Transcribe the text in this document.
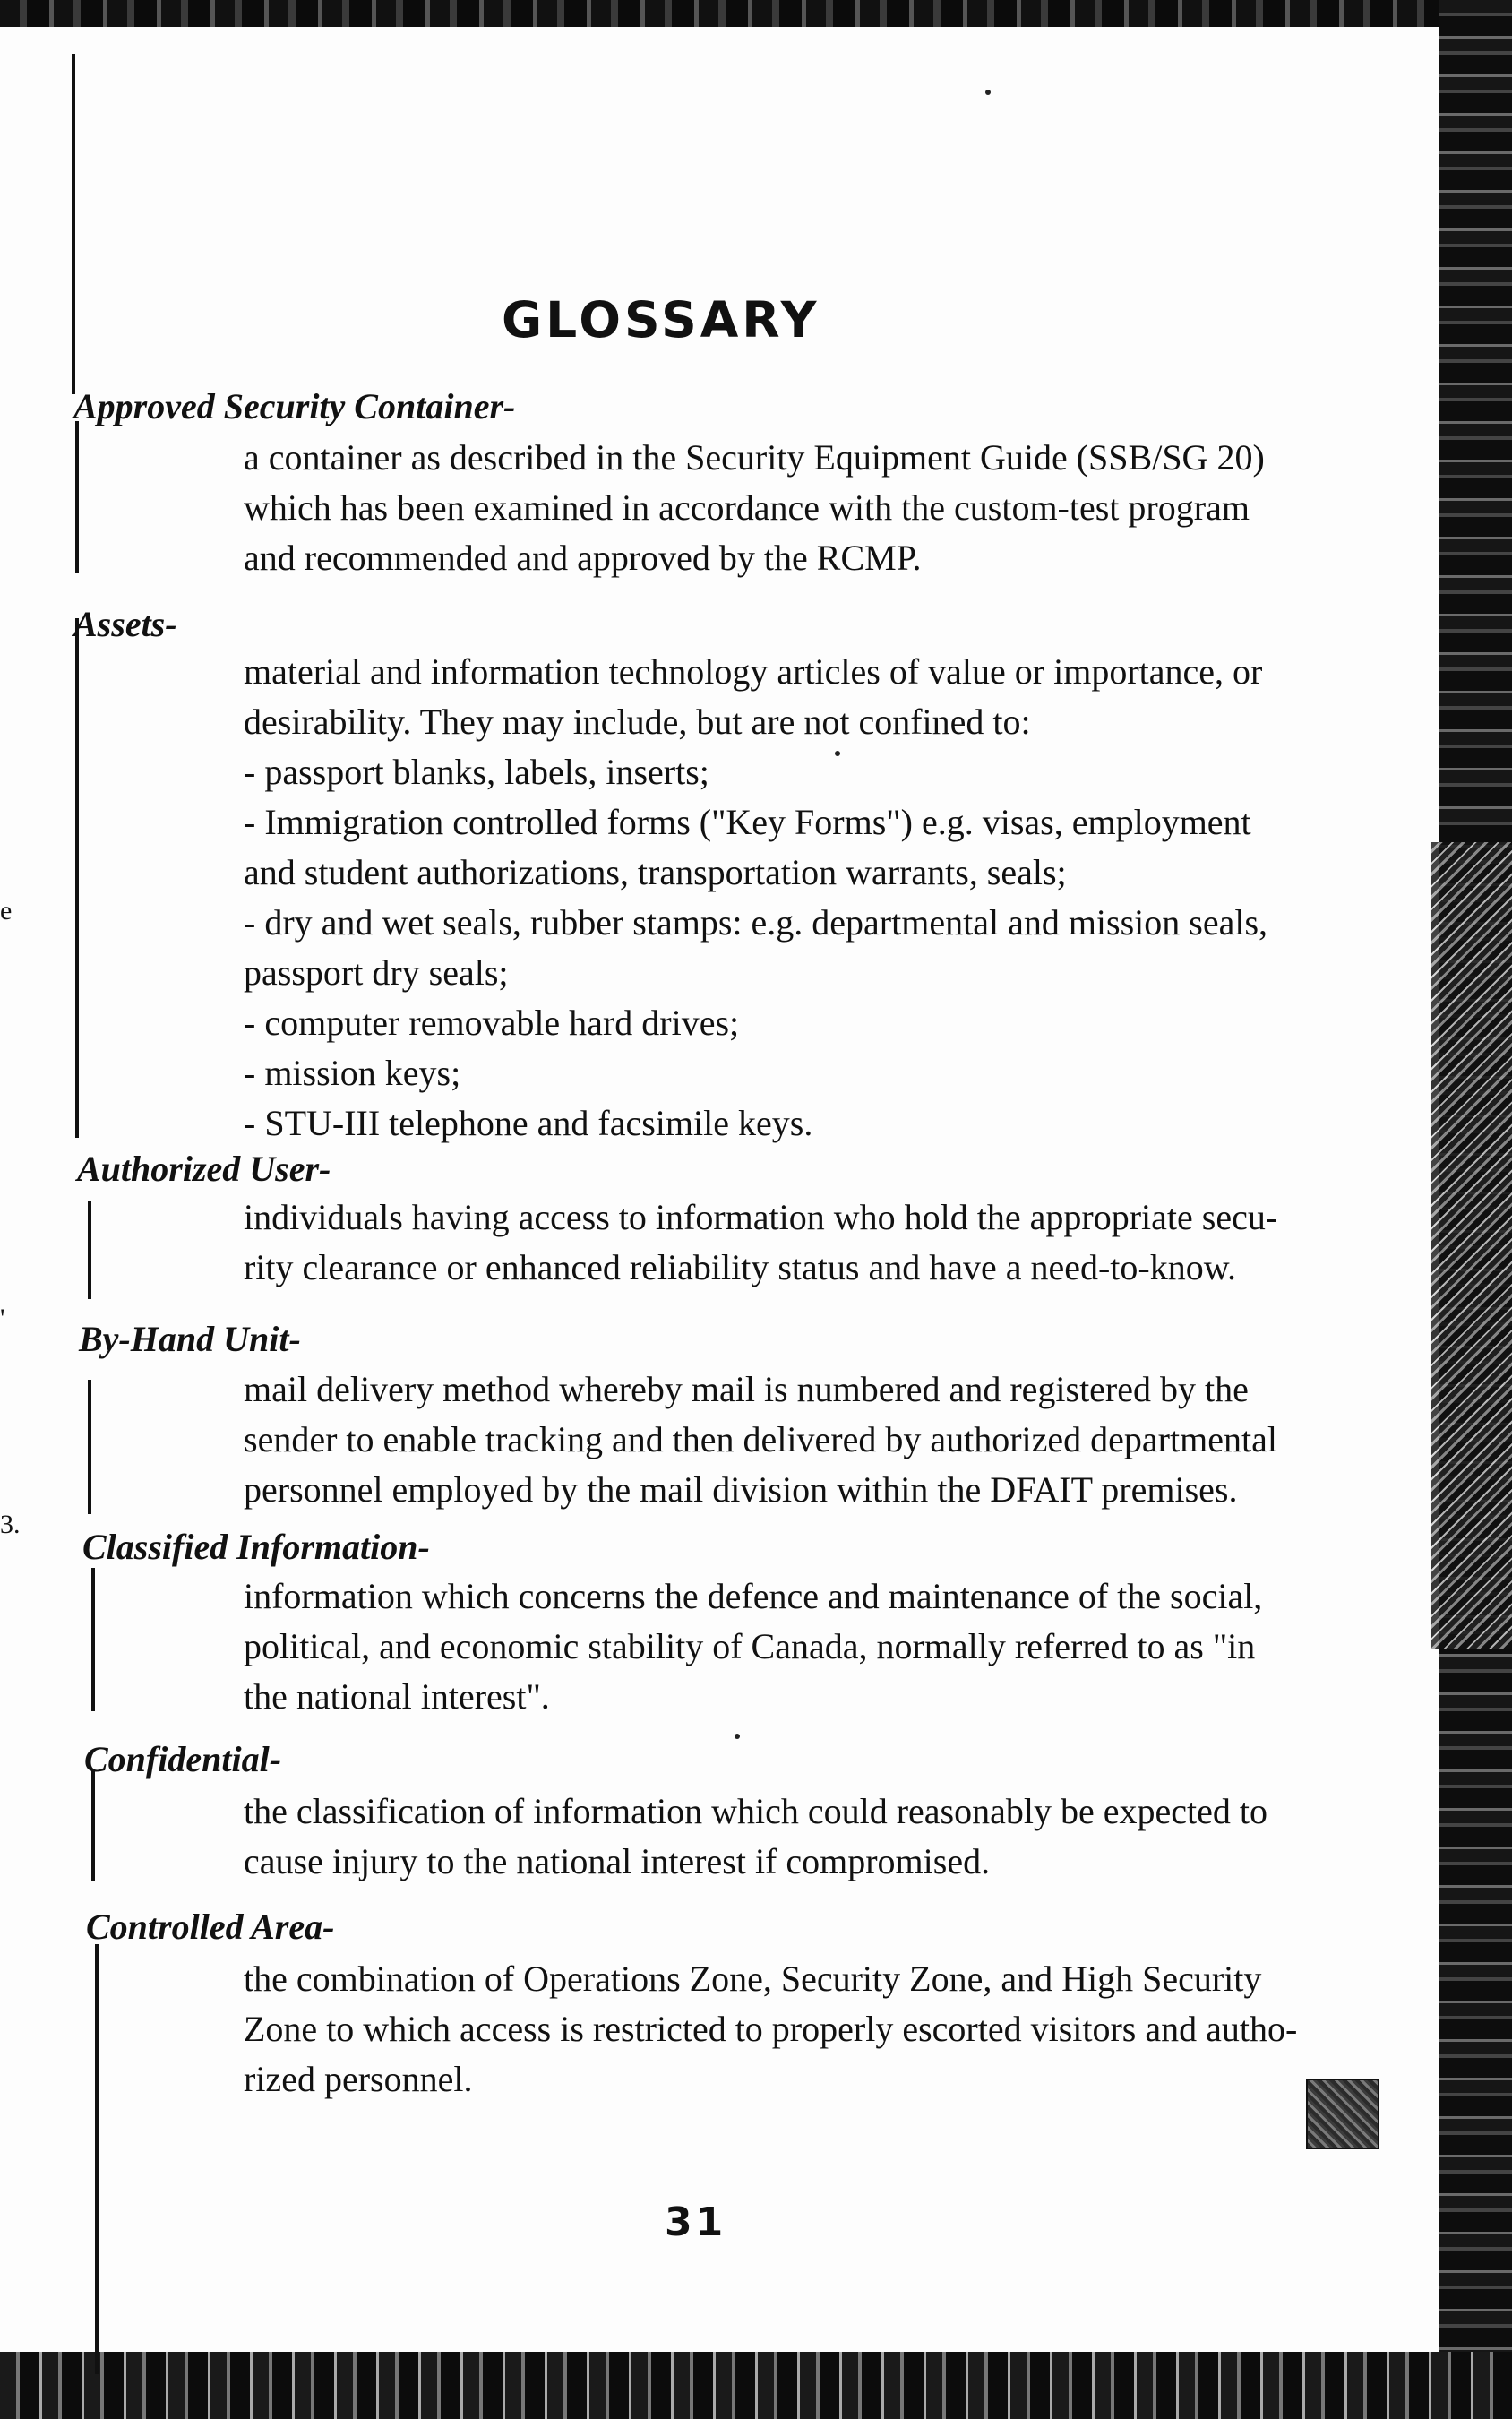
e
'
3.
GLOSSARY
Approved Security Container-
a container as described in the Security Equipment Guide (SSB/SG 20)
which has been examined in accordance with the custom-test program
and recommended and approved by the RCMP.
Assets-
material and information technology articles of value or importance, or
desirability. They may include, but are not confined to:
- passport blanks, labels, inserts;
- Immigration controlled forms ("Key Forms") e.g. visas, employment
and student authorizations, transportation warrants, seals;
- dry and wet seals, rubber stamps: e.g. departmental and mission seals,
passport dry seals;
- computer removable hard drives;
- mission keys;
- STU-III telephone and facsimile keys.
Authorized User-
individuals having access to information who hold the appropriate secu-
rity clearance or enhanced reliability status and have a need-to-know.
By-Hand Unit-
mail delivery method whereby mail is numbered and registered by the
sender to enable tracking and then delivered by authorized departmental
personnel employed by the mail division within the DFAIT premises.
Classified Information-
information which concerns the defence and maintenance of the social,
political, and economic stability of Canada, normally referred to as "in
the national interest".
Confidential-
the classification of information which could reasonably be expected to
cause injury to the national interest if compromised.
Controlled Area-
the combination of Operations Zone, Security Zone, and High Security
Zone to which access is restricted to properly escorted visitors and autho-
rized personnel.
31
